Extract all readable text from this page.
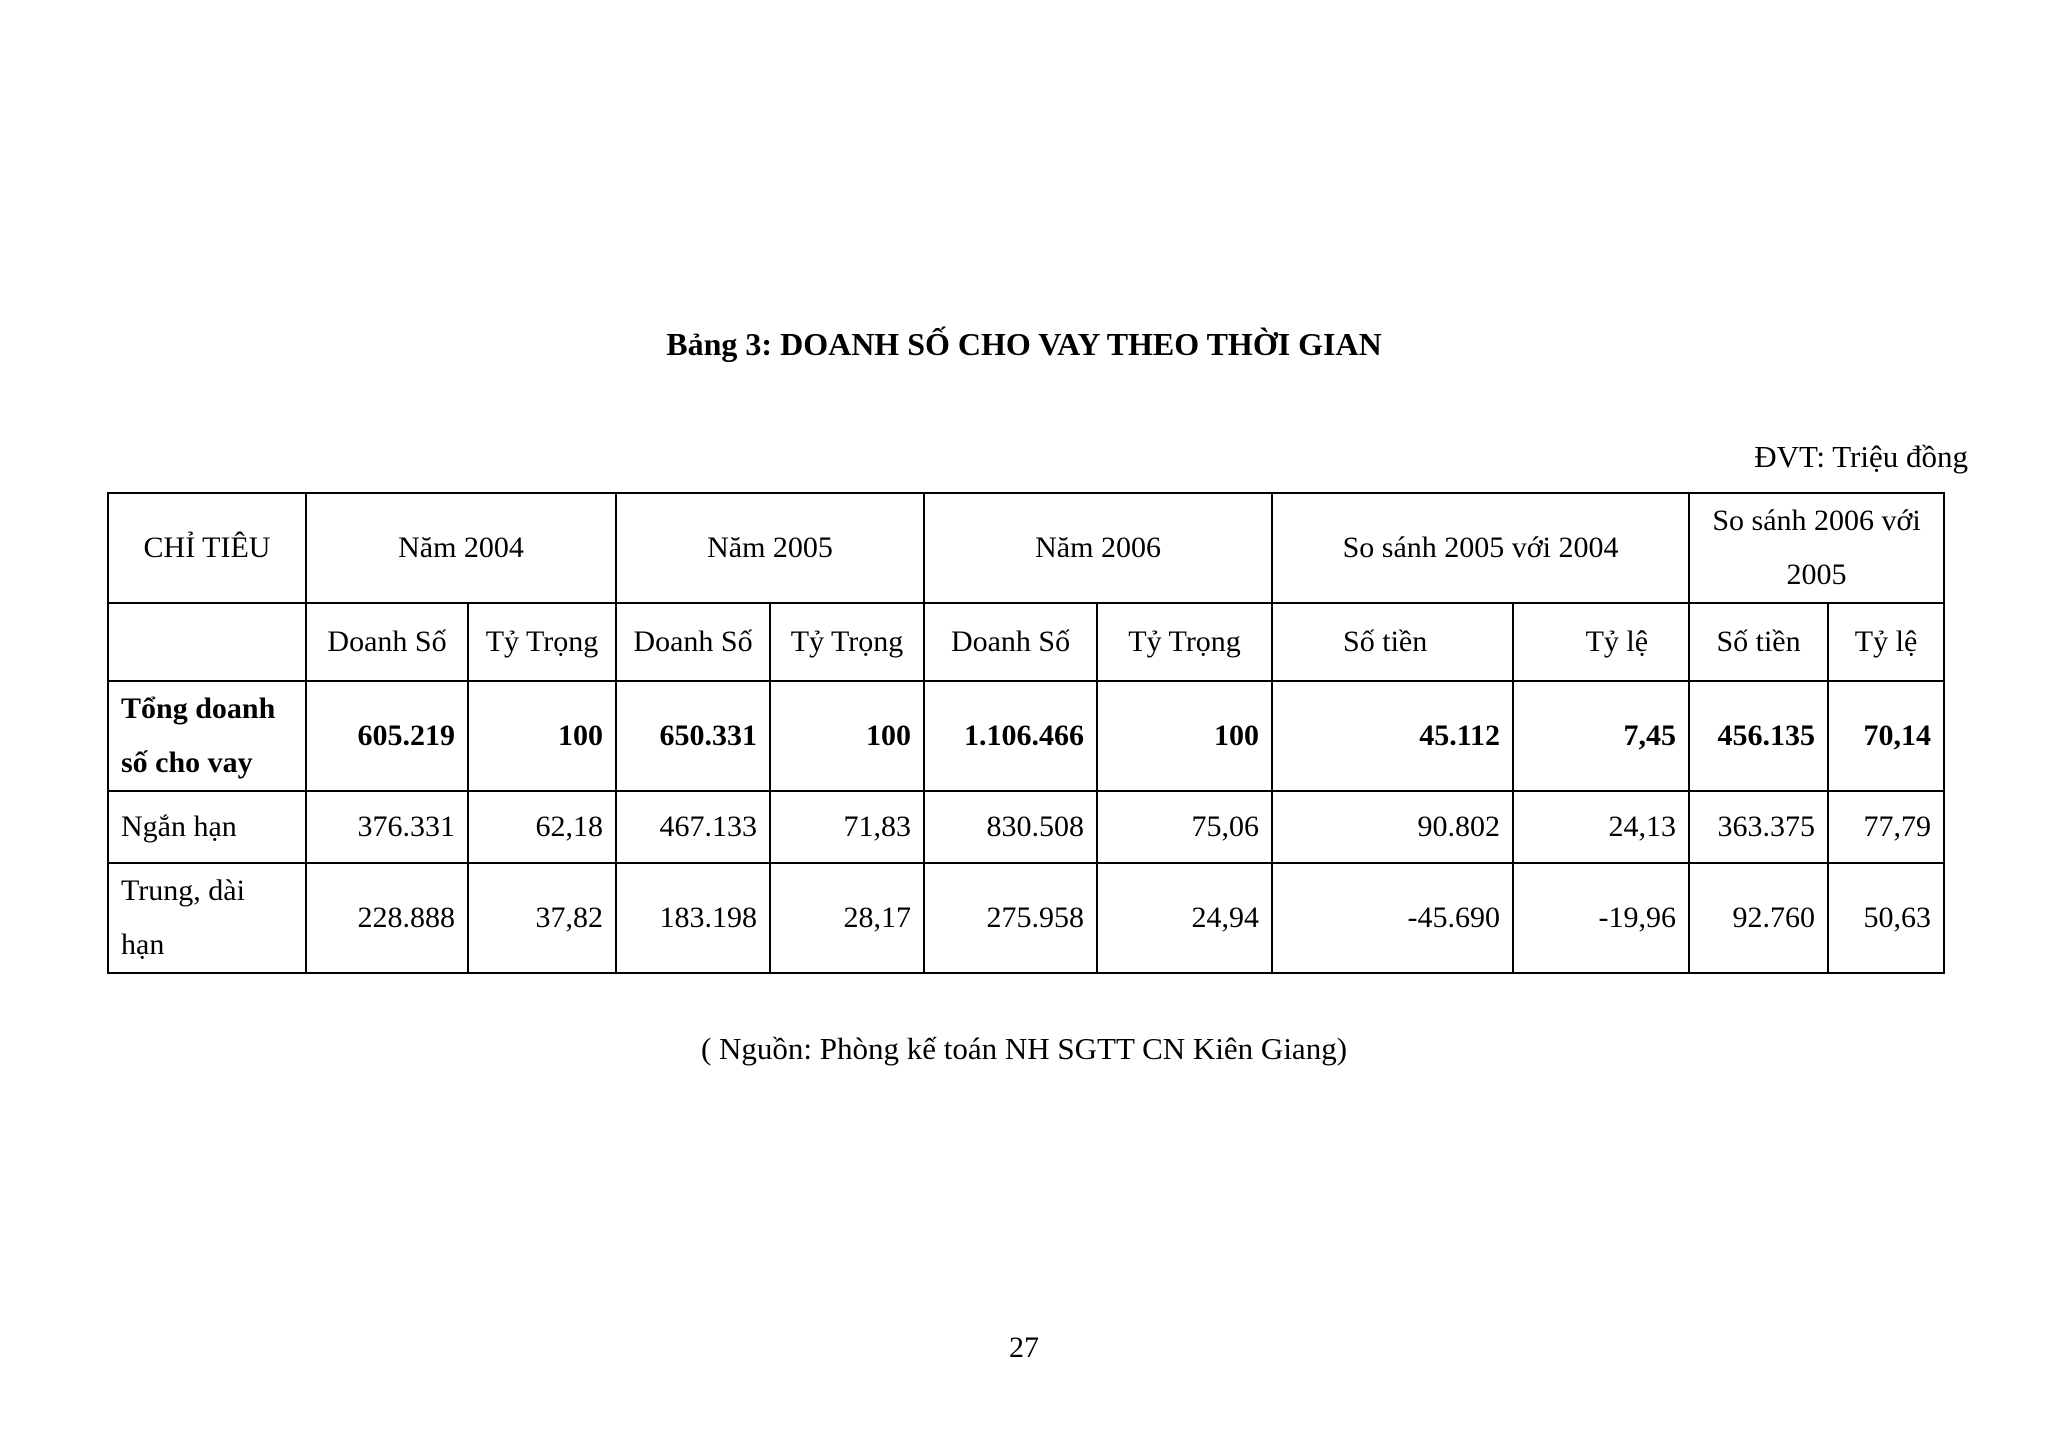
Bảng 3: DOANH SỐ CHO VAY THEO THỜI GIAN
ĐVT: Triệu đồng
CHỈ TIÊU	Năm 2004		Năm 2005		Năm 2006		So sánh 2005 với 2004		So sánh 2006 với 2005	
	Doanh Số	Tỷ Trọng	Doanh Số	Tỷ Trọng	Doanh Số	Tỷ Trọng	Số tiền	Tỷ lệ	Số tiền	Tỷ lệ
Tổng doanh số cho vay	605.219	100	650.331	100	1.106.466	100	45.112	7,45	456.135	70,14
Ngắn hạn	376.331	62,18	467.133	71,83	830.508	75,06	90.802	24,13	363.375	77,79
Trung, dài hạn	228.888	37,82	183.198	28,17	275.958	24,94	-45.690	-19,96	92.760	50,63
( Nguồn: Phòng kế toán NH SGTT CN Kiên Giang)
27
